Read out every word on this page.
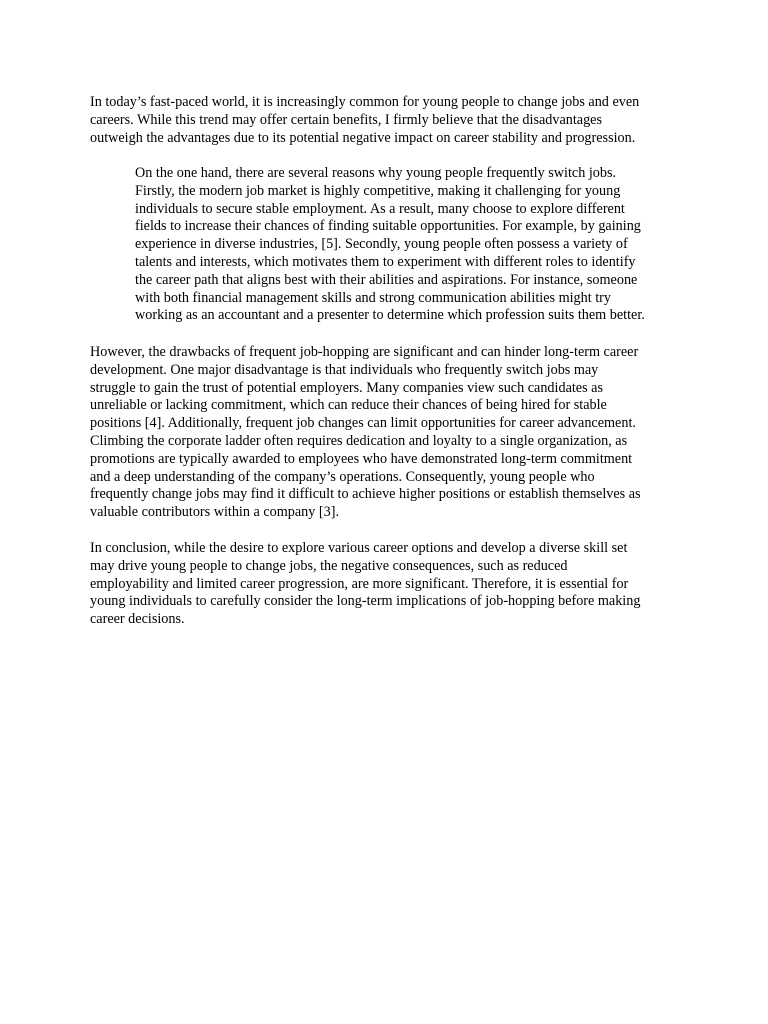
In today’s fast-paced world, it is increasingly common for young people to change jobs and even
careers. While this trend may offer certain benefits, I firmly believe that the disadvantages
outweigh the advantages due to its potential negative impact on career stability and progression.

On the one hand, there are several reasons why young people frequently switch jobs.
Firstly, the modern job market is highly competitive, making it challenging for young
individuals to secure stable employment. As a result, many choose to explore different
fields to increase their chances of finding suitable opportunities. For example, by gaining
experience in diverse industries, [5]. Secondly, young people often possess a variety of
talents and interests, which motivates them to experiment with different roles to identify
the career path that aligns best with their abilities and aspirations. For instance, someone
with both financial management skills and strong communication abilities might try
working as an accountant and a presenter to determine which profession suits them better.

However, the drawbacks of frequent job-hopping are significant and can hinder long-term career
development. One major disadvantage is that individuals who frequently switch jobs may
struggle to gain the trust of potential employers. Many companies view such candidates as
unreliable or lacking commitment, which can reduce their chances of being hired for stable
positions [4]. Additionally, frequent job changes can limit opportunities for career advancement.
Climbing the corporate ladder often requires dedication and loyalty to a single organization, as
promotions are typically awarded to employees who have demonstrated long-term commitment
and a deep understanding of the company’s operations. Consequently, young people who
frequently change jobs may find it difficult to achieve higher positions or establish themselves as
valuable contributors within a company [3].

In conclusion, while the desire to explore various career options and develop a diverse skill set
may drive young people to change jobs, the negative consequences, such as reduced
employability and limited career progression, are more significant. Therefore, it is essential for
young individuals to carefully consider the long-term implications of job-hopping before making
career decisions.
